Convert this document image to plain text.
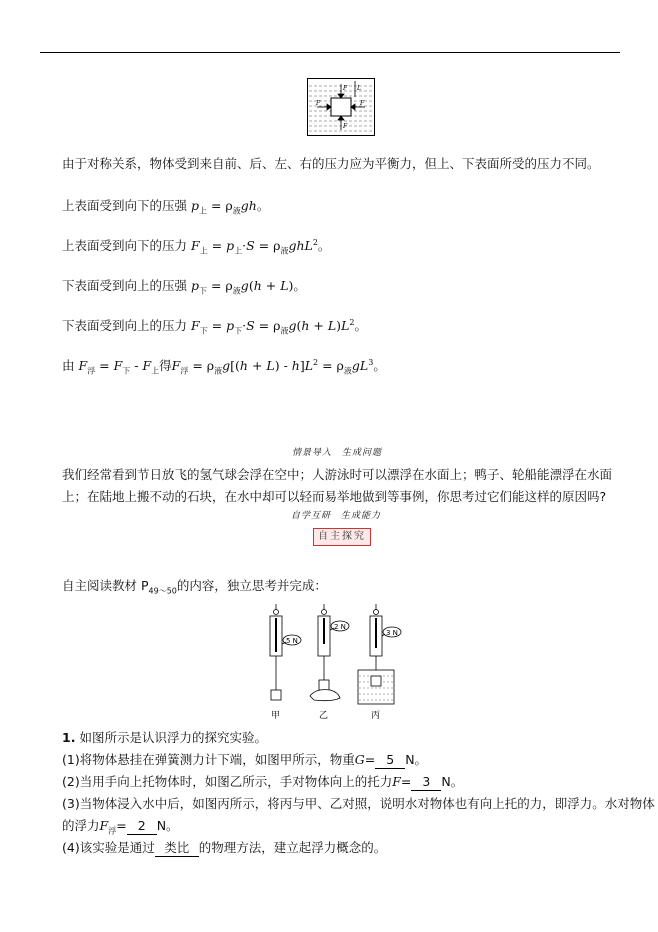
F
F
F	F
L
由于对称关系，物体受到来自前、后、左、右的压力应为平衡力，但上、下表面所受的压力不同。
上表面受到向下的压强 $p_上 = \rho_液gh$。
上表面受到向下的压力 $F_上 = p_上\cdot S = \rho_液ghL^2$。
下表面受到向上的压强 $p_下 = \rho_液g(h + L)$。
下表面受到向上的压力 $F_下 = p_下\cdot S = \rho_液g(h + L)L^2$。
由 $F_浮 = F_下 - F_上$得$F_浮 = \rho_液g[(h + L) - h]L^2 = \rho_液gL^3$。
情景导入　生成问题
我们经常看到节日放飞的氢气球会浮在空中；人游泳时可以漂浮在水面上；鸭子、轮船能漂浮在水面上；在陆地上搬不动的石块，在水中却可以轻而易举地做到等事例，你思考过它们能这样的原因吗?
自学互研　生成能力
自主探究
自主阅读教材 $P_{49\sim 50}$的内容，独立思考并完成：
5 N
2 N
3 N
甲	乙	丙
1. 如图所示是认识浮力的探究实验。
(1)将物体悬挂在弹簧测力计下端，如图甲所示，物重G= 5 N。
(2)当用手向上托物体时，如图乙所示，手对物体向上的托力F= 3 N。
(3)当物体浸入水中后，如图丙所示，将丙与甲、乙对照，说明水对物体也有向上托的力，即浮力。水对物体
的浮力$F_浮= 2$ N。
(4)该实验是通过 类比 的物理方法，建立起浮力概念的。
